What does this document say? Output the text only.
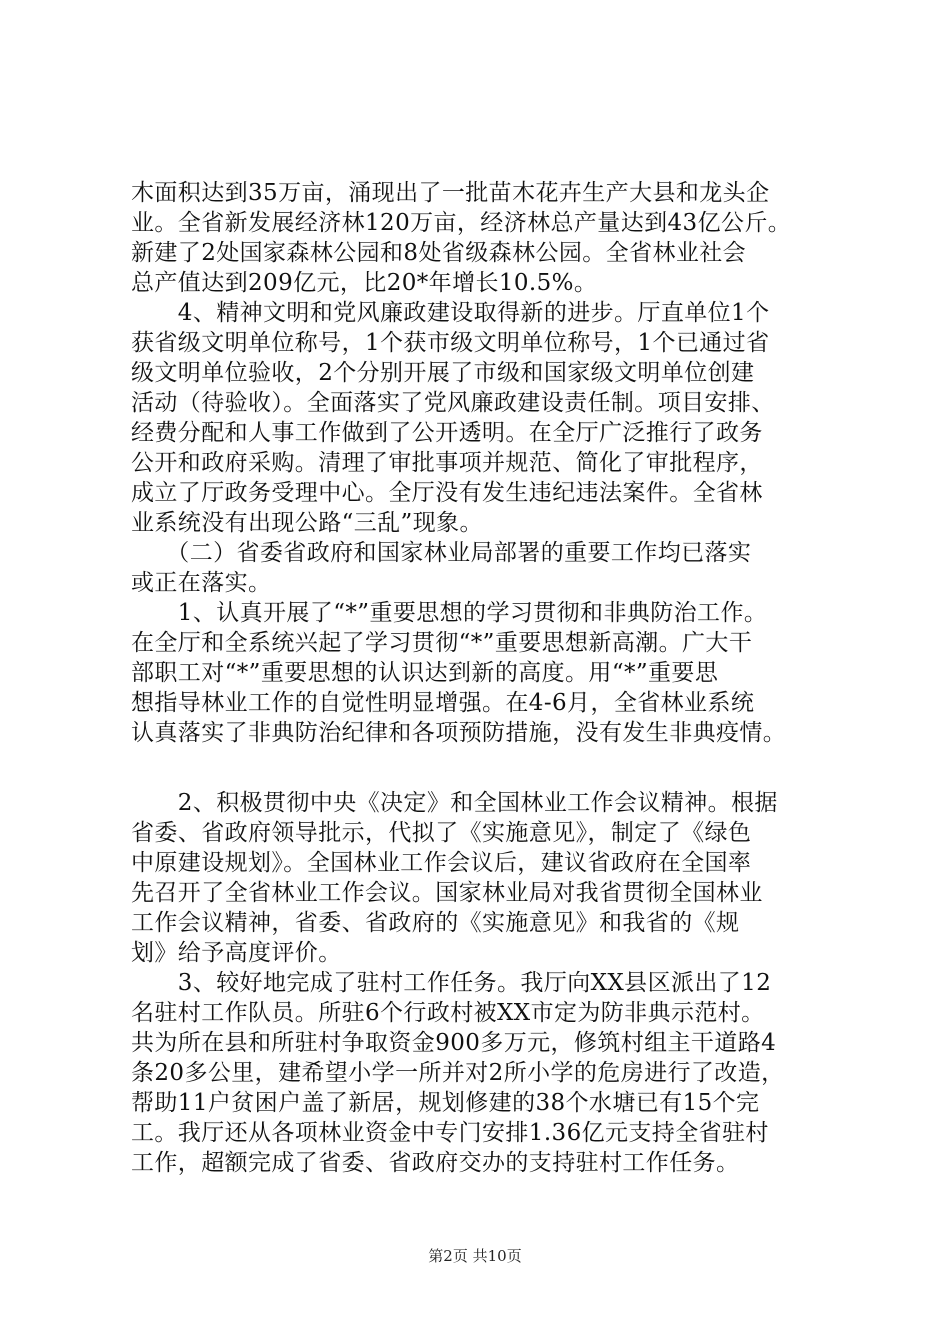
木面积达到35万亩，涌现出了一批苗木花卉生产大县和龙头企
业。全省新发展经济林120万亩，经济林总产量达到43亿公斤。
新建了2处国家森林公园和8处省级森林公园。全省林业社会
总产值达到209亿元，比20*年增长10.5%。
　　4、精神文明和党风廉政建设取得新的进步。厅直单位1个
获省级文明单位称号，1个获市级文明单位称号，1个已通过省
级文明单位验收，2个分别开展了市级和国家级文明单位创建
活动（待验收）。全面落实了党风廉政建设责任制。项目安排、
经费分配和人事工作做到了公开透明。在全厅广泛推行了政务
公开和政府采购。清理了审批事项并规范、简化了审批程序，
成立了厅政务受理中心。全厅没有发生违纪违法案件。全省林
业系统没有出现公路“三乱”现象。
　　（二）省委省政府和国家林业局部署的重要工作均已落实
或正在落实。
　　1、认真开展了“*”重要思想的学习贯彻和非典防治工作。
在全厅和全系统兴起了学习贯彻“*”重要思想新高潮。广大干
部职工对“*”重要思想的认识达到新的高度。用“*”重要思
想指导林业工作的自觉性明显增强。在4-6月，全省林业系统
认真落实了非典防治纪律和各项预防措施，没有发生非典疫情。
　　2、积极贯彻中央《决定》和全国林业工作会议精神。根据
省委、省政府领导批示，代拟了《实施意见》，制定了《绿色
中原建设规划》。全国林业工作会议后，建议省政府在全国率
先召开了全省林业工作会议。国家林业局对我省贯彻全国林业
工作会议精神，省委、省政府的《实施意见》和我省的《规
划》给予高度评价。
　　3、较好地完成了驻村工作任务。我厅向XX县区派出了12
名驻村工作队员。所驻6个行政村被XX市定为防非典示范村。
共为所在县和所驻村争取资金900多万元，修筑村组主干道路4
条20多公里，建希望小学一所并对2所小学的危房进行了改造，
帮助11户贫困户盖了新居，规划修建的38个水塘已有15个完
工。我厅还从各项林业资金中专门安排1.36亿元支持全省驻村
工作，超额完成了省委、省政府交办的支持驻村工作任务。
第2页 共10页
